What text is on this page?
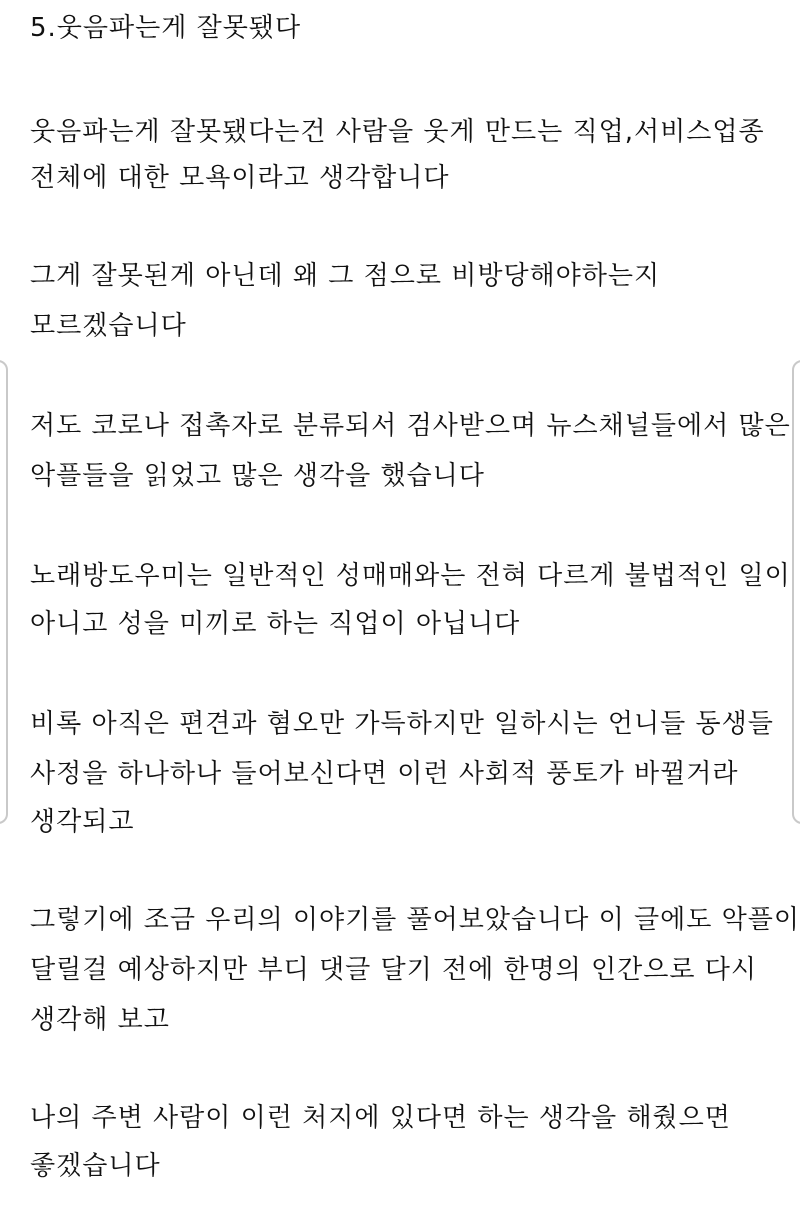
5.웃음파는게 잘못됐다
웃음파는게 잘못됐다는건 사람을 웃게 만드는 직업,서비스업종
전체에 대한 모욕이라고 생각합니다
그게 잘못된게 아닌데 왜 그 점으로 비방당해야하는지
모르겠습니다
저도 코로나 접촉자로 분류되서 검사받으며 뉴스채널들에서 많은
악플들을 읽었고 많은 생각을 했습니다
노래방도우미는 일반적인 성매매와는 전혀 다르게 불법적인 일이
아니고 성을 미끼로 하는 직업이 아닙니다
비록 아직은 편견과 혐오만 가득하지만 일하시는 언니들 동생들
사정을 하나하나 들어보신다면 이런 사회적 풍토가 바뀔거라
생각되고
그렇기에 조금 우리의 이야기를 풀어보았습니다 이 글에도 악플이
달릴걸 예상하지만 부디 댓글 달기 전에 한명의 인간으로 다시
생각해 보고
나의 주변 사람이 이런 처지에 있다면 하는 생각을 해줬으면
좋겠습니다
